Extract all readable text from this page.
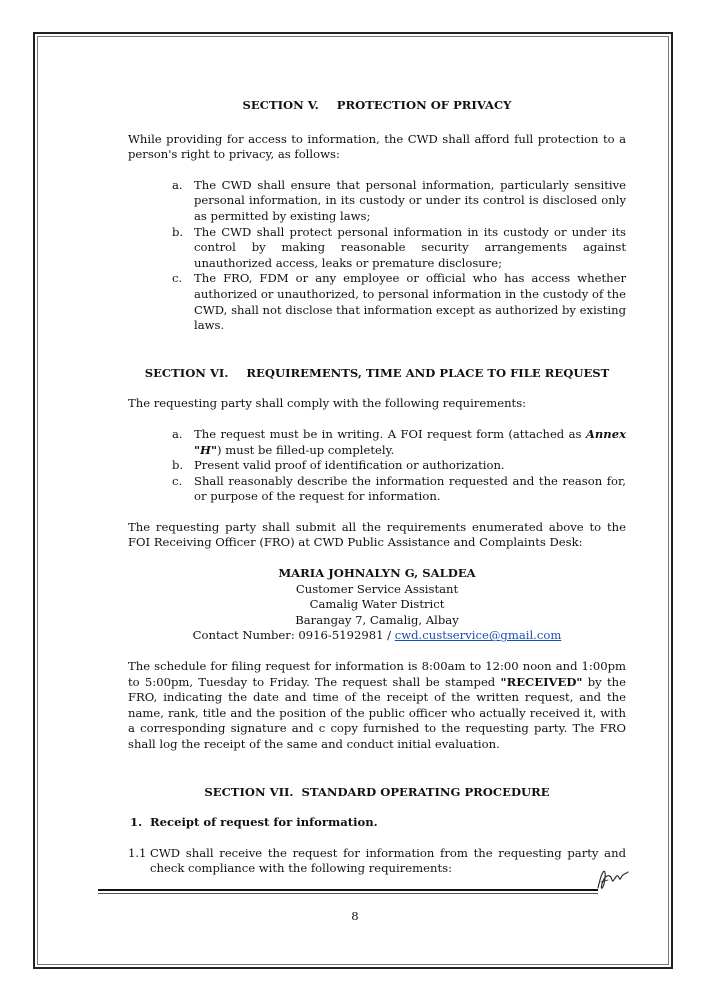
SECTION V. PROTECTION OF PRIVACY

While providing for access to information, the CWD shall afford full protection to a person's right to privacy, as follows:

a. The CWD shall ensure that personal information, particularly sensitive personal information, in its custody or under its control is disclosed only as permitted by existing laws;
b. The CWD shall protect personal information in its custody or under its control by making reasonable security arrangements against unauthorized access, leaks or premature disclosure;
c. The FRO, FDM or any employee or official who has access whether authorized or unauthorized, to personal information in the custody of the CWD, shall not disclose that information except as authorized by existing laws.

SECTION VI. REQUIREMENTS, TIME AND PLACE TO FILE REQUEST

The requesting party shall comply with the following requirements:

a. The request must be in writing. A FOI request form (attached as Annex "H") must be filled-up completely.
b. Present valid proof of identification or authorization.
c. Shall reasonably describe the information requested and the reason for, or purpose of the request for information.

The requesting party shall submit all the requirements enumerated above to the FOI Receiving Officer (FRO) at CWD Public Assistance and Complaints Desk:

MARIA JOHNALYN G, SALDEA

Customer Service Assistant

Camalig Water District

Barangay 7, Camalig, Albay

Contact Number: 0916-5192981 / cwd.custservice@gmail.com

The schedule for filing request for information is 8:00am to 12:00 noon and 1:00pm to 5:00pm, Tuesday to Friday. The request shall be stamped "RECEIVED" by the FRO, indicating the date and time of the receipt of the written request, and the name, rank, title and the position of the public officer who actually received it, with a corresponding signature and c copy furnished to the requesting party. The FRO shall log the receipt of the same and conduct initial evaluation.

SECTION VII. STANDARD OPERATING PROCEDURE

1. Receipt of request for information.

1.1 CWD shall receive the request for information from the requesting party and check compliance with the following requirements:

8
